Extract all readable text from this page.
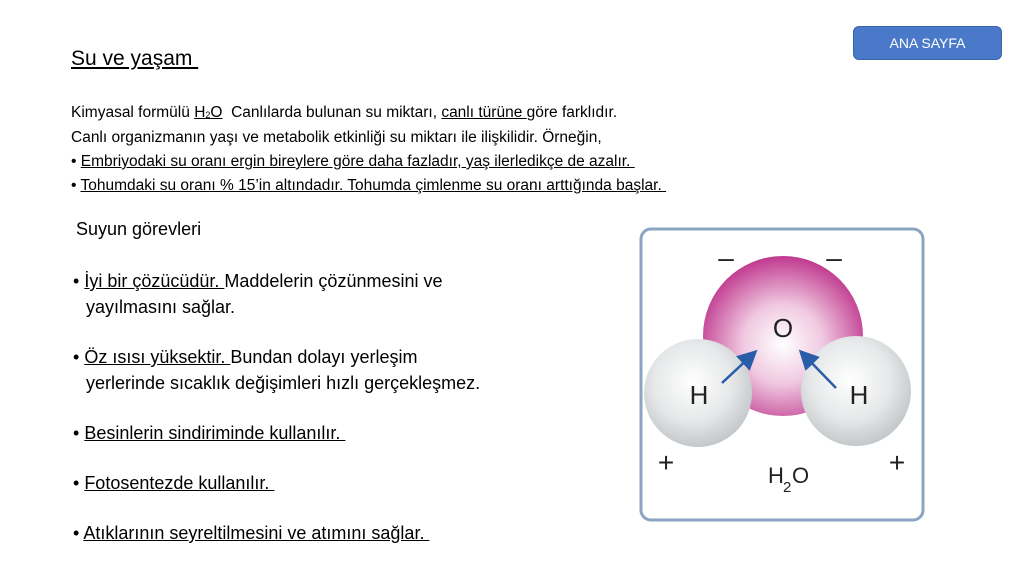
ANA SAYFA
Su ve yaşam
Kimyasal formülü $H_2O$  Canlılarda bulunan su miktarı, canlı türüne göre farklıdır.
Canlı organizmanın yaşı ve metabolik etkinliği su miktarı ile ilişkilidir. Örneğin,
• Embriyodaki su oranı ergin bireylere göre daha fazladır, yaş ilerledikçe de azalır.
• Tohumdaki su oranı % 15’in altındadır. Tohumda çimlenme su oranı arttığında başlar.
Suyun görevleri
• İyi bir çözücüdür. Maddelerin çözünmesini ve
yayılmasını sağlar.
• Öz ısısı yüksektir. Bundan dolayı yerleşim
yerlerinde sıcaklık değişimleri hızlı gerçekleşmez.
• Besinlerin sindiriminde kullanılır.
• Fotosentezde kullanılır.
• Atıklarının seyreltilmesini ve atımını sağlar.
O
H	H
–	–
+	+
H 2 O
